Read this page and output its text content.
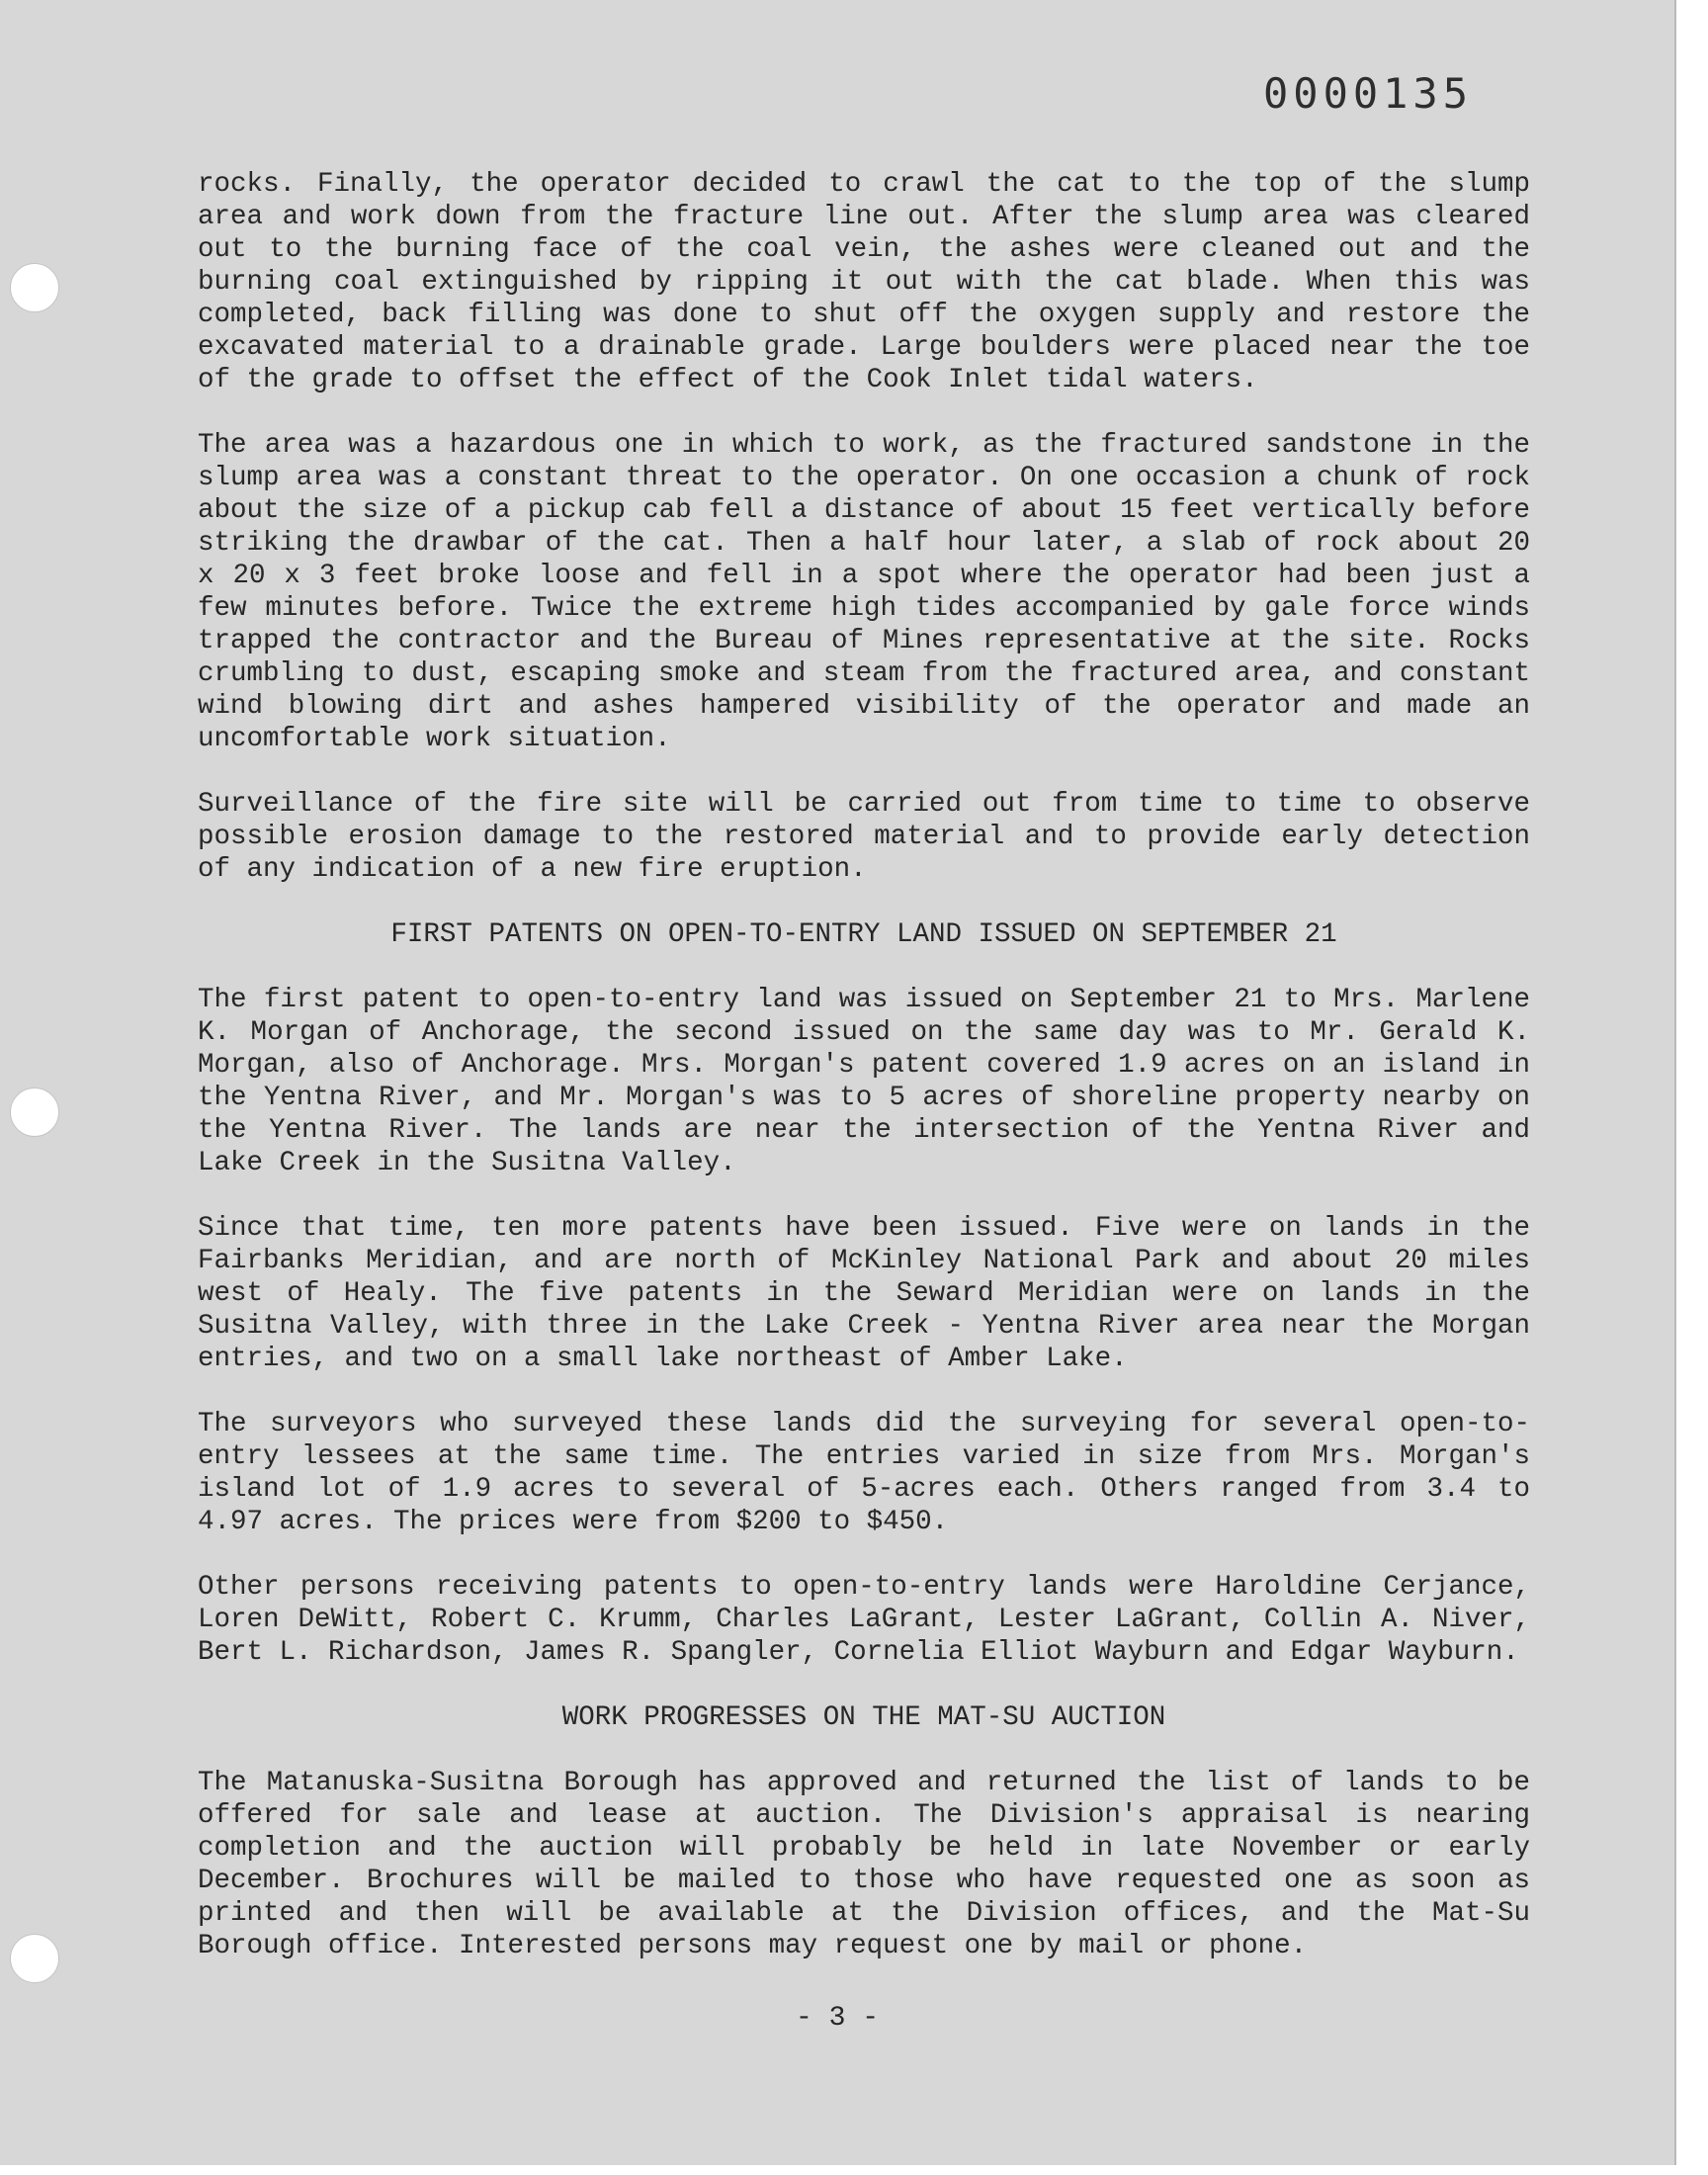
0000135

rocks. Finally, the operator decided to crawl the cat to the top of the slump area and work down from the fracture line out. After the slump area was cleared out to the burning face of the coal vein, the ashes were cleaned out and the burning coal extinguished by ripping it out with the cat blade. When this was completed, back filling was done to shut off the oxygen supply and restore the excavated material to a drainable grade. Large boulders were placed near the toe of the grade to offset the effect of the Cook Inlet tidal waters.

The area was a hazardous one in which to work, as the fractured sandstone in the slump area was a constant threat to the operator. On one occasion a chunk of rock about the size of a pickup cab fell a distance of about 15 feet vertically before striking the drawbar of the cat. Then a half hour later, a slab of rock about 20 x 20 x 3 feet broke loose and fell in a spot where the operator had been just a few minutes before. Twice the extreme high tides accompanied by gale force winds trapped the contractor and the Bureau of Mines representative at the site. Rocks crumbling to dust, escaping smoke and steam from the fractured area, and constant wind blowing dirt and ashes hampered visibility of the operator and made an uncomfortable work situation.

Surveillance of the fire site will be carried out from time to time to observe possible erosion damage to the restored material and to provide early detection of any indication of a new fire eruption.

FIRST PATENTS ON OPEN-TO-ENTRY LAND ISSUED ON SEPTEMBER 21

The first patent to open-to-entry land was issued on September 21 to Mrs. Marlene K. Morgan of Anchorage, the second issued on the same day was to Mr. Gerald K. Morgan, also of Anchorage. Mrs. Morgan's patent covered 1.9 acres on an island in the Yentna River, and Mr. Morgan's was to 5 acres of shoreline property nearby on the Yentna River. The lands are near the intersection of the Yentna River and Lake Creek in the Susitna Valley.

Since that time, ten more patents have been issued. Five were on lands in the Fairbanks Meridian, and are north of McKinley National Park and about 20 miles west of Healy. The five patents in the Seward Meridian were on lands in the Susitna Valley, with three in the Lake Creek - Yentna River area near the Morgan entries, and two on a small lake northeast of Amber Lake.

The surveyors who surveyed these lands did the surveying for several open-to-entry lessees at the same time. The entries varied in size from Mrs. Morgan's island lot of 1.9 acres to several of 5-acres each. Others ranged from 3.4 to 4.97 acres. The prices were from $200 to $450.

Other persons receiving patents to open-to-entry lands were Haroldine Cerjance, Loren DeWitt, Robert C. Krumm, Charles LaGrant, Lester LaGrant, Collin A. Niver, Bert L. Richardson, James R. Spangler, Cornelia Elliot Wayburn and Edgar Wayburn.

WORK PROGRESSES ON THE MAT-SU AUCTION

The Matanuska-Susitna Borough has approved and returned the list of lands to be offered for sale and lease at auction. The Division's appraisal is nearing completion and the auction will probably be held in late November or early December. Brochures will be mailed to those who have requested one as soon as printed and then will be available at the Division offices, and the Mat-Su Borough office. Interested persons may request one by mail or phone.

- 3 -
